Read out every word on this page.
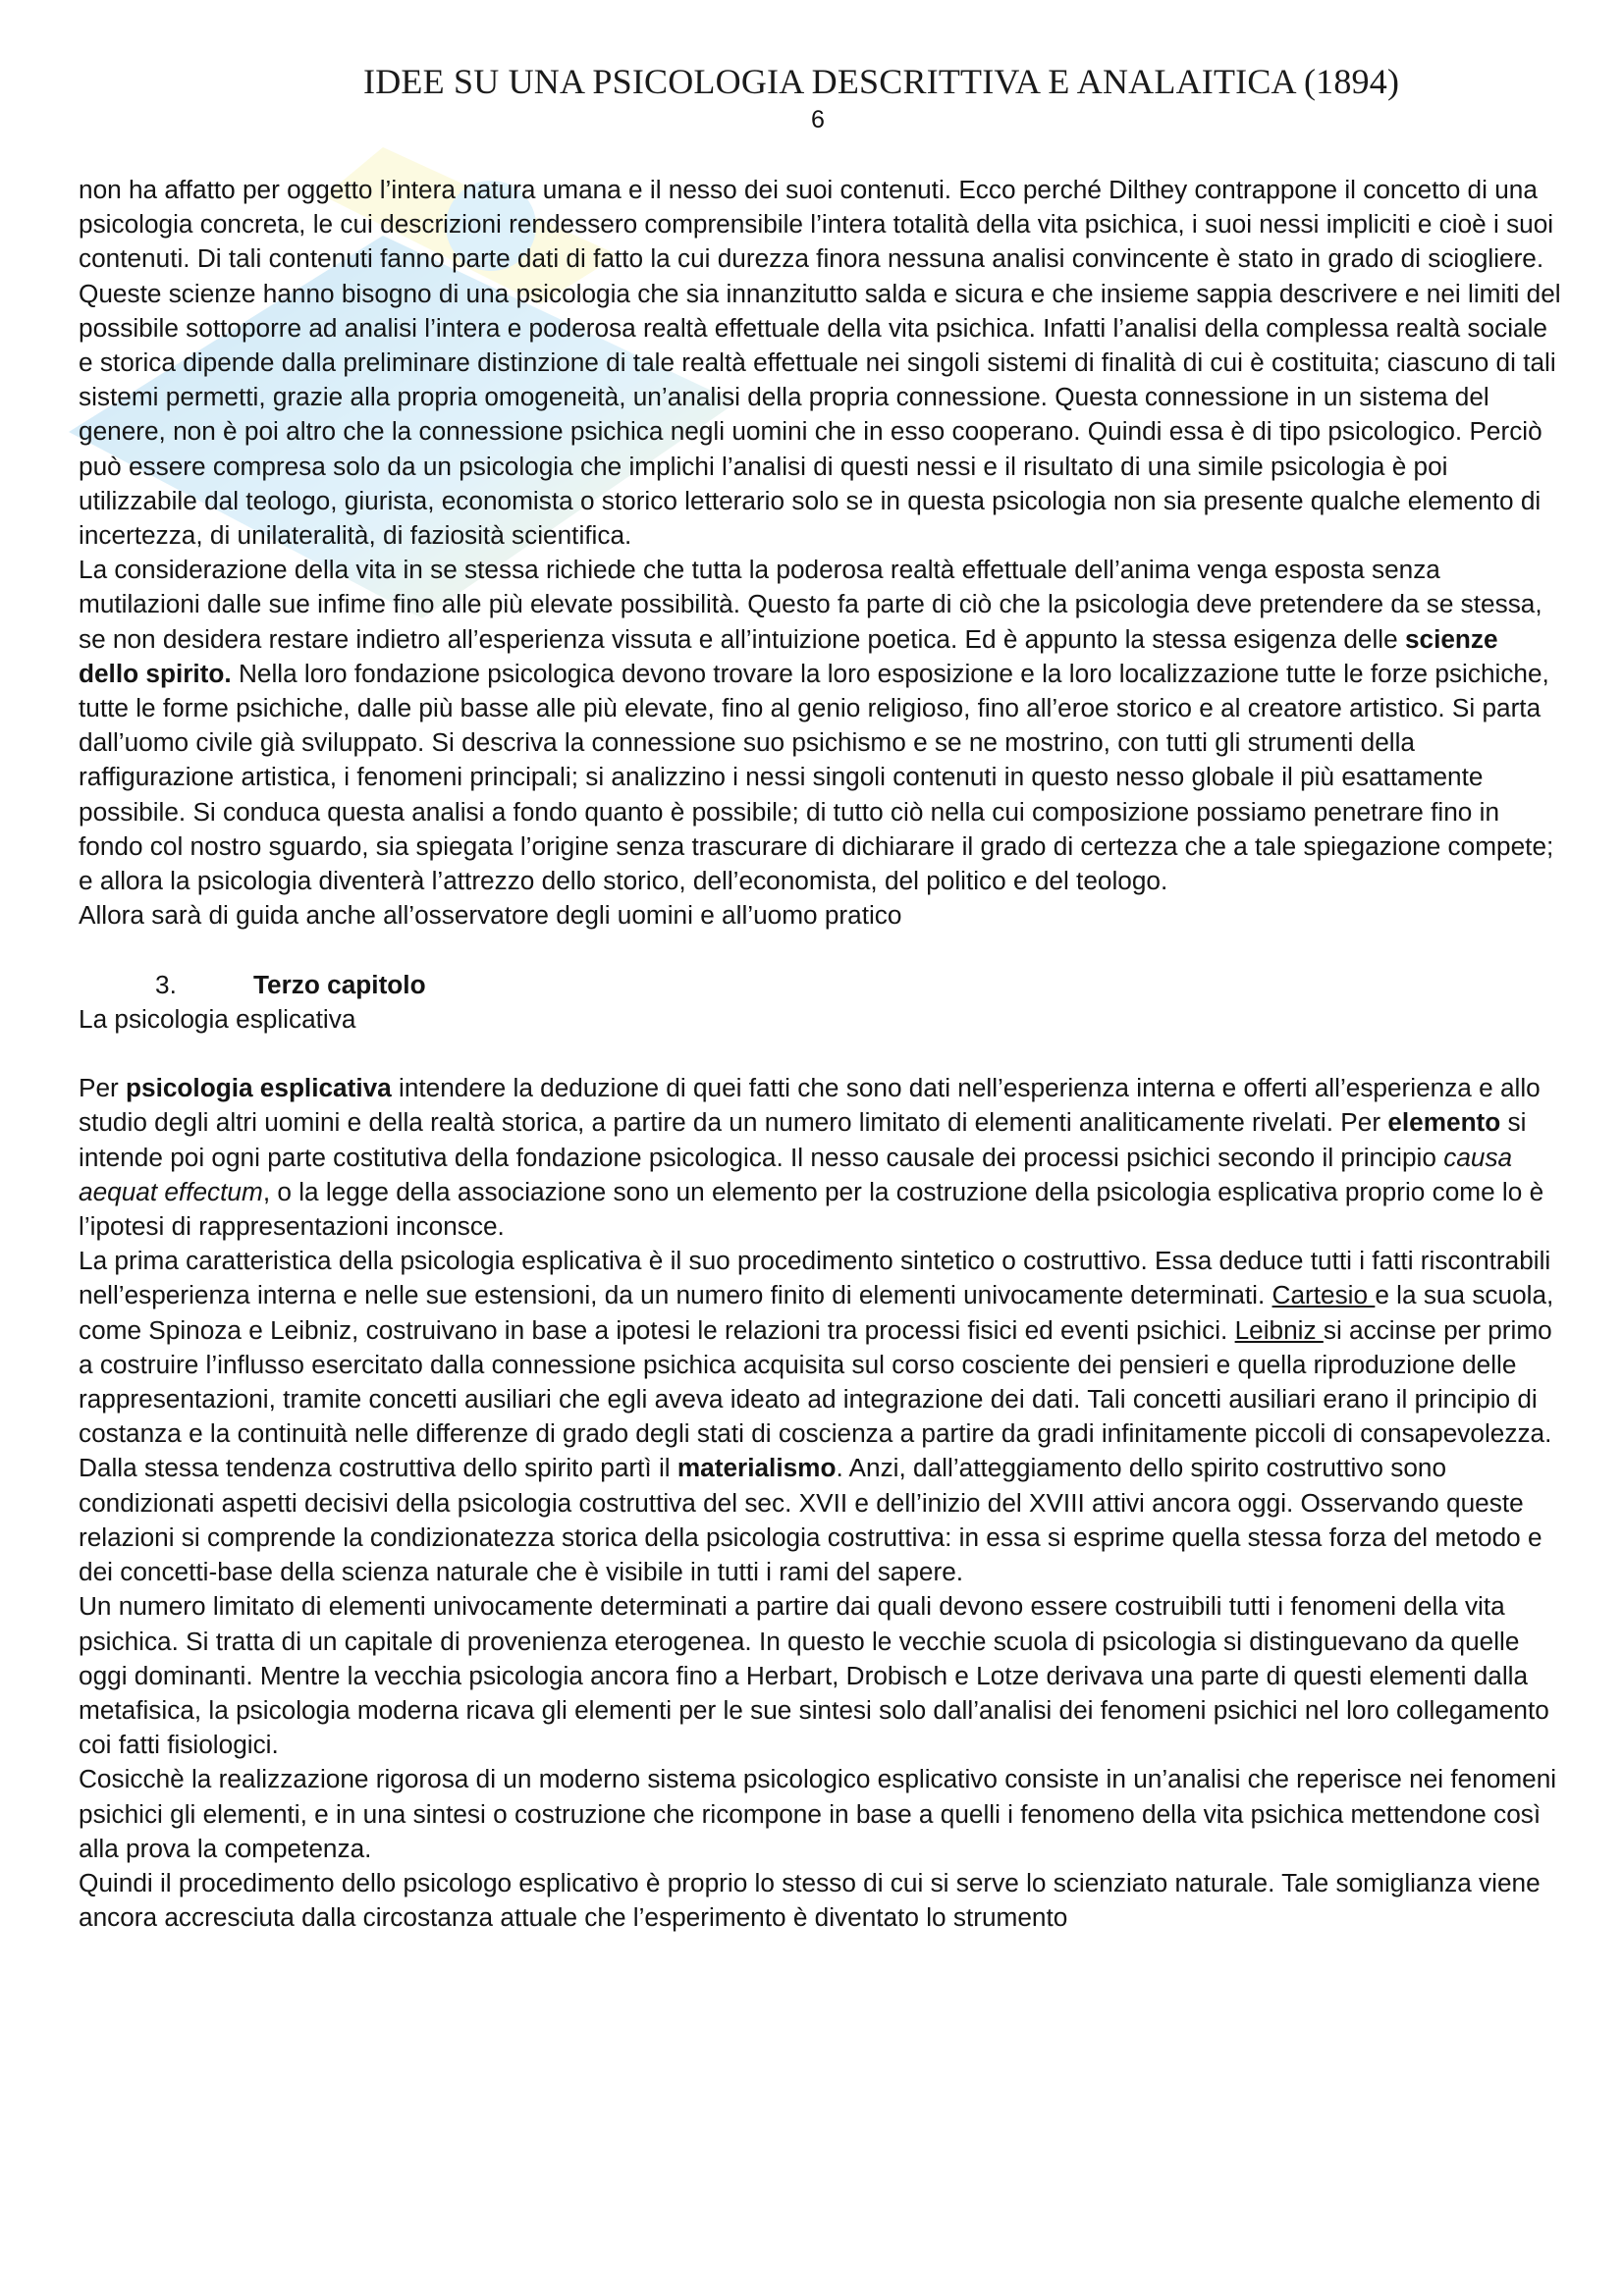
IDEE SU UNA PSICOLOGIA DESCRITTIVA E ANALAITICA (1894)
6

non ha affatto per oggetto l’intera natura umana e il nesso dei suoi contenuti. Ecco perché Dilthey contrappone il concetto di una psicologia concreta, le cui descrizioni rendessero comprensibile l’intera totalità della vita psichica, i suoi nessi impliciti e cioè i suoi contenuti. Di tali contenuti fanno parte dati di fatto la cui durezza finora nessuna analisi convincente è stato in grado di sciogliere.

Queste scienze hanno bisogno di una psicologia che sia innanzitutto salda e sicura e che insieme sappia descrivere e nei limiti del possibile sottoporre ad analisi l’intera e poderosa realtà effettuale della vita psichica. Infatti l’analisi della complessa realtà sociale e storica dipende dalla preliminare distinzione di tale realtà effettuale nei singoli sistemi di finalità di cui è costituita; ciascuno di tali sistemi permetti, grazie alla propria omogeneità, un’analisi della propria connessione. Questa connessione in un sistema del genere, non è poi altro che la connessione psichica negli uomini che in esso cooperano. Quindi essa è di tipo psicologico. Perciò può essere compresa solo da un psicologia che implichi l’analisi di questi nessi e il risultato di una simile psicologia è poi utilizzabile dal teologo, giurista, economista o storico letterario solo se in questa psicologia non sia presente qualche elemento di incertezza, di unilateralità, di faziosità scientifica.

La considerazione della vita in se stessa richiede che tutta la poderosa realtà effettuale dell’anima venga esposta senza mutilazioni dalle sue infime fino alle più elevate possibilità. Questo fa parte di ciò che la psicologia deve pretendere da se stessa, se non desidera restare indietro all’esperienza vissuta e all’intuizione poetica. Ed è appunto la stessa esigenza delle scienze dello spirito. Nella loro fondazione psicologica devono trovare la loro esposizione e la loro localizzazione tutte le forze psichiche, tutte le forme psichiche, dalle più basse alle più elevate, fino al genio religioso, fino all’eroe storico e al creatore artistico. Si parta dall’uomo civile già sviluppato. Si descriva la connessione suo psichismo e se ne mostrino, con tutti gli strumenti della raffigurazione artistica, i fenomeni principali; si analizzino i nessi singoli contenuti in questo nesso globale il più esattamente possibile. Si conduca questa analisi a fondo quanto è possibile; di tutto ciò nella cui composizione possiamo penetrare fino in fondo col nostro sguardo, sia spiegata l’origine senza trascurare di dichiarare il grado di certezza che a tale spiegazione compete; e allora la psicologia diventerà l’attrezzo dello storico, dell’economista, del politico e del teologo.

Allora sarà di guida anche all’osservatore degli uomini e all’uomo pratico

3.	Terzo capitolo

La psicologia esplicativa

Per psicologia esplicativa intendere la deduzione di quei fatti che sono dati nell’esperienza interna e offerti all’esperienza e allo studio degli altri uomini e della realtà storica, a partire da un numero limitato di elementi analiticamente rivelati. Per elemento si intende poi ogni parte costitutiva della fondazione psicologica. Il nesso causale dei processi psichici secondo il principio causa aequat effectum, o la legge della associazione sono un elemento per la costruzione della psicologia esplicativa proprio come lo è l’ipotesi di rappresentazioni inconsce.

La prima caratteristica della psicologia esplicativa è il suo procedimento sintetico o costruttivo. Essa deduce tutti i fatti riscontrabili nell’esperienza interna e nelle sue estensioni, da un numero finito di elementi univocamente determinati. Cartesio e la sua scuola, come Spinoza e Leibniz, costruivano in base a ipotesi le relazioni tra processi fisici ed eventi psichici. Leibniz si accinse per primo a costruire l’influsso esercitato dalla connessione psichica acquisita sul corso cosciente dei pensieri e quella riproduzione delle rappresentazioni, tramite concetti ausiliari che egli aveva ideato ad integrazione dei dati. Tali concetti ausiliari erano il principio di costanza e la continuità nelle differenze di grado degli stati di coscienza a partire da gradi infinitamente piccoli di consapevolezza. Dalla stessa tendenza costruttiva dello spirito partì il materialismo. Anzi, dall’atteggiamento dello spirito costruttivo sono condizionati aspetti decisivi della psicologia costruttiva del sec. XVII e dell’inizio del XVIII attivi ancora oggi. Osservando queste relazioni si comprende la condizionatezza storica della psicologia costruttiva: in essa si esprime quella stessa forza del metodo e dei concetti-base della scienza naturale che è visibile in tutti i rami del sapere.

Un numero limitato di elementi univocamente determinati a partire dai quali devono essere costruibili tutti i fenomeni della vita psichica. Si tratta di un capitale di provenienza eterogenea. In questo le vecchie scuola di psicologia si distinguevano da quelle oggi dominanti. Mentre la vecchia psicologia ancora fino a Herbart, Drobisch e Lotze derivava una parte di questi elementi dalla metafisica, la psicologia moderna ricava gli elementi per le sue sintesi solo dall’analisi dei fenomeni psichici nel loro collegamento coi fatti fisiologici.

Cosicchè la realizzazione rigorosa di un moderno sistema psicologico esplicativo consiste in un’analisi che reperisce nei fenomeni psichici gli elementi, e in una sintesi o costruzione che ricompone in base a quelli i fenomeno della vita psichica mettendone così alla prova la competenza.

Quindi il procedimento dello psicologo esplicativo è proprio lo stesso di cui si serve lo scienziato naturale. Tale somiglianza viene ancora accresciuta dalla circostanza attuale che l’esperimento è diventato lo strumento
